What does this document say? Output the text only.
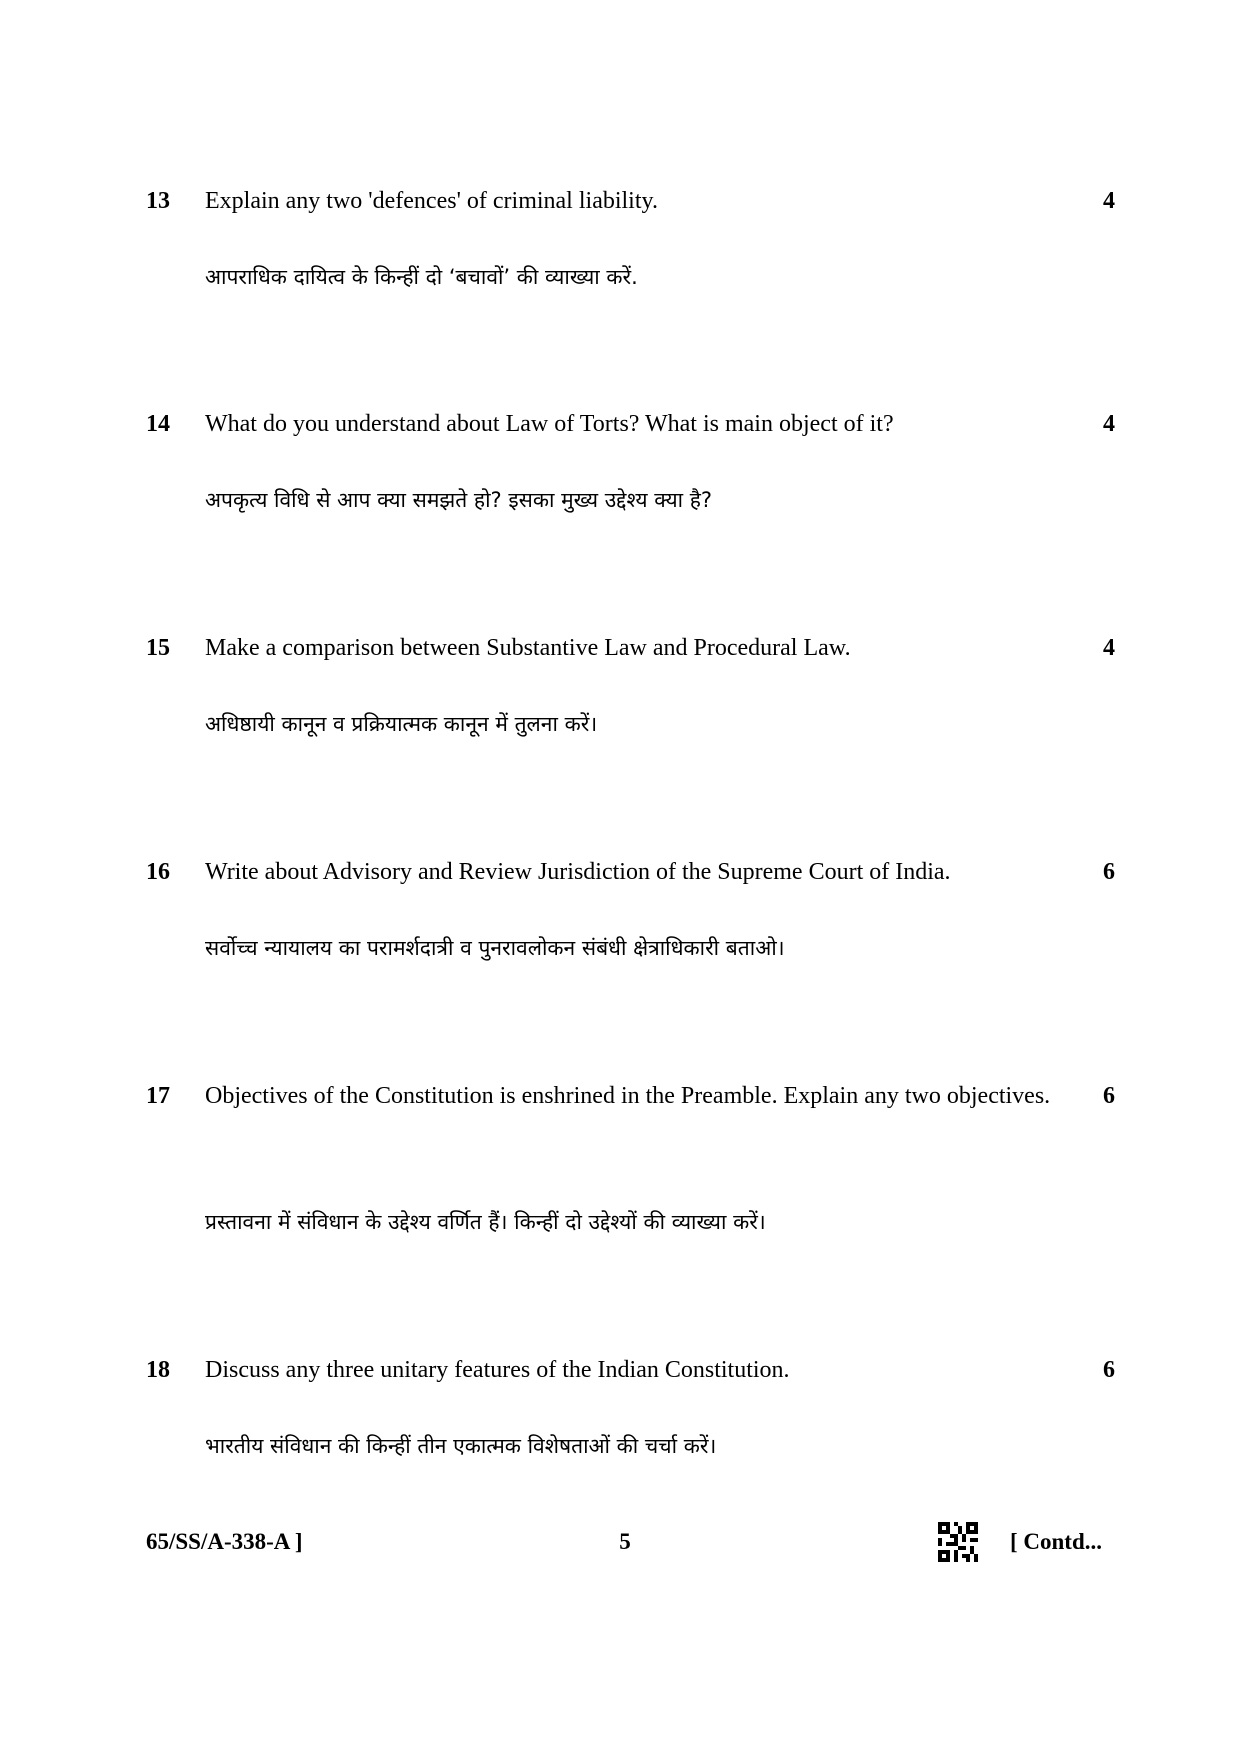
13 Explain any two 'defences' of criminal liability.	4
आपराधिक दायित्व के किन्हीं दो ‘बचावों’ की व्याख्या करें.
14 What do you understand about Law of Torts? What is main object of it?	4
अपकृत्य विधि से आप क्या समझते हो? इसका मुख्य उद्देश्य क्या है?
15 Make a comparison between Substantive Law and Procedural Law.	4
अधिष्ठायी कानून व प्रक्रियात्मक कानून में तुलना करें।
16 Write about Advisory and Review Jurisdiction of the Supreme Court of India.	6
सर्वोच्च न्यायालय का परामर्शदात्री व पुनरावलोकन संबंधी क्षेत्राधिकारी बताओ।
17 Objectives of the Constitution is enshrined in the Preamble. Explain any two objectives.	6
प्रस्तावना में संविधान के उद्देश्य वर्णित हैं। किन्हीं दो उद्देश्यों की व्याख्या करें।
18 Discuss any three unitary features of the Indian Constitution.	6
भारतीय संविधान की किन्हीं तीन एकात्मक विशेषताओं की चर्चा करें।
65/SS/A-338-A ]	5	[ Contd...
